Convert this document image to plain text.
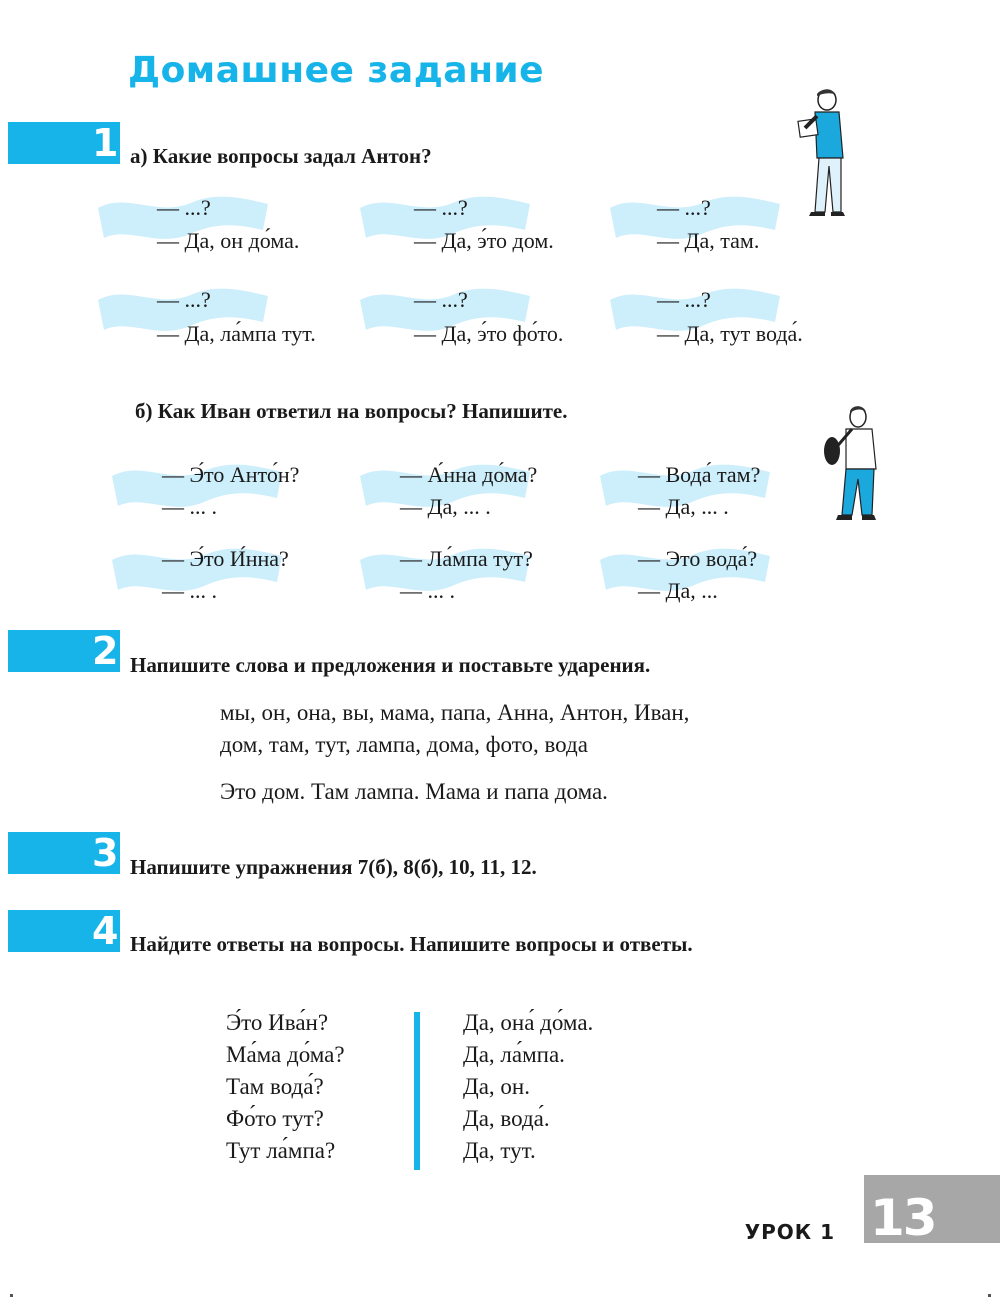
Домашнее задание
1 а) Какие вопросы задал Антон?
— ...?
— Да, он до́ма.
— ...?
— Да, э́то дом.
— ...?
— Да, там.
— ...?
— Да, ла́мпа тут.
— ...?
— Да, э́то фо́то.
— ...?
— Да, тут вода́.
б) Как Иван ответил на вопросы? Напишите.
— Э́то Анто́н?
— ... .
— А́нна до́ма?
— Да, ... .
— Вода́ там?
— Да, ... .
— Э́то И́нна?
— ... .
— Ла́мпа тут?
— ... .
— Это вода́?
— Да, ...
2 Напишите слова и предложения и поставьте ударения.
мы, он, она, вы, мама, папа, Анна, Антон, Иван,
дом, там, тут, лампа, дома, фото, вода
Это дом. Там лампа. Мама и папа дома.
3 Напишите упражнения 7(б), 8(б), 10, 11, 12.
4 Найдите ответы на вопросы. Напишите вопросы и ответы.
Э́то Ива́н?
Ма́ма до́ма?
Там вода́?
Фо́то тут?
Тут ла́мпа?
Да, она́ до́ма.
Да, ла́мпа.
Да, он.
Да, вода́.
Да, тут.
УРОК 1 13
